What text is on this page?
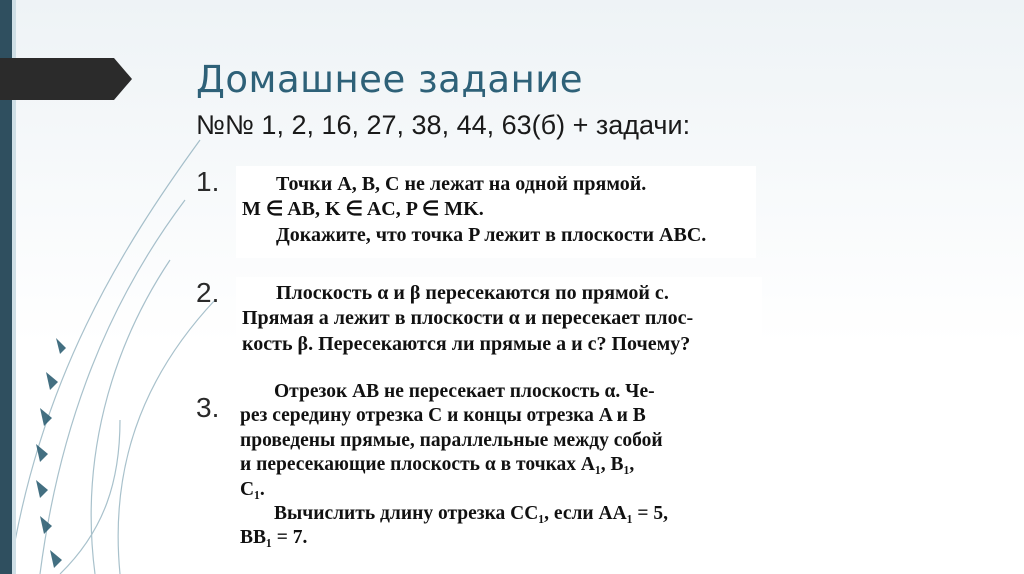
Домашнее задание
№№ 1, 2, 16, 27, 38, 44, 63(б) + задачи:
1.
2.
3.

Точки A, B, C не лежат на одной прямой.

M ∈ AB, K ∈ AC, P ∈ MK.

Докажите, что точка P лежит в плоскости ABC.

Плоскость α и β пересекаются по прямой c.

Прямая a лежит в плоскости α и пересекает плос-

кость β. Пересекаются ли прямые a и c? Почему?

Отрезок AB не пересекает плоскость α. Че-

рез середину отрезка C и концы отрезка A и B

проведены прямые, параллельные между собой

и пересекающие плоскость α в точках A₁, B₁,

C₁.

Вычислить длину отрезка CC₁, если AA₁ = 5,

BB₁ = 7.
